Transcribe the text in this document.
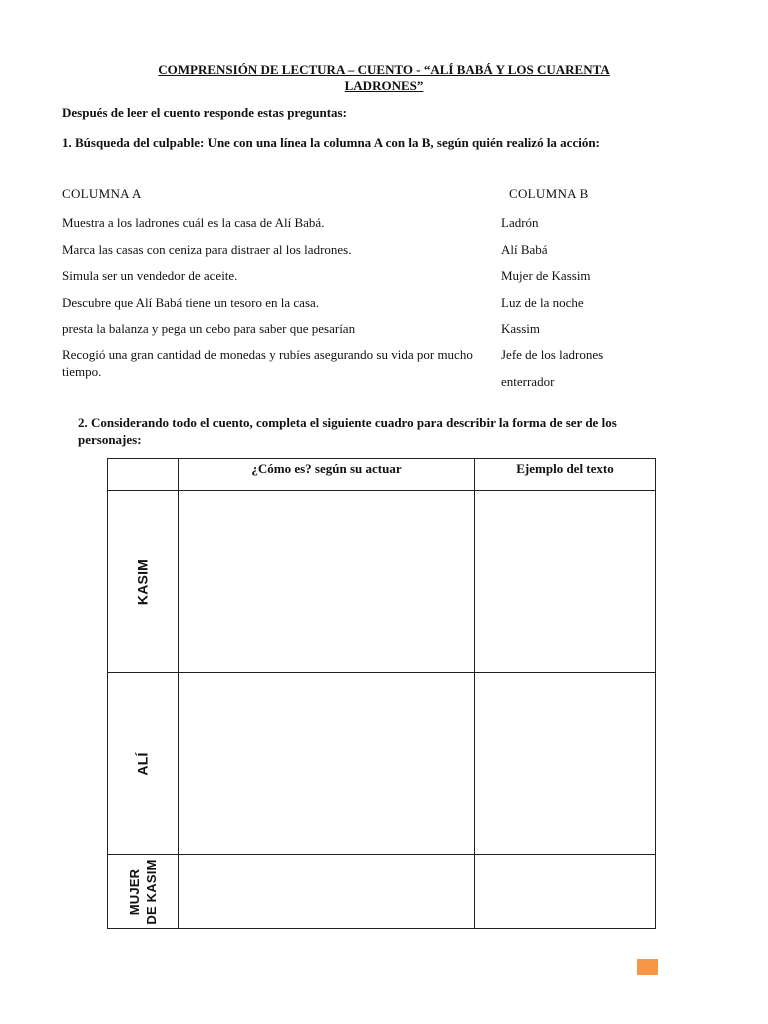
COMPRENSIÓN DE LECTURA – CUENTO - “ALÍ BABÁ Y LOS CUARENTA
LADRONES”
Después de leer el cuento responde estas preguntas:
1. Búsqueda del culpable: Une con una línea la columna A con la B, según quién realizó la acción:
COLUMNA A	COLUMNA B
Muestra a los ladrones cuál es la casa de Alí Babá.
Marca las casas con ceniza para distraer al los ladrones.
Simula ser un vendedor de aceite.
Descubre que Alí Babá tiene un tesoro en la casa.
presta la balanza y pega un cebo para saber que pesarían
Recogió una gran cantidad de monedas y rubíes asegurando su vida por mucho tiempo.
Ladrón
Alí Babá
Mujer de Kassim
Luz de la noche
Kassim
Jefe de los ladrones
enterrador
2. Considerando todo el cuento, completa el siguiente cuadro para describir la forma de ser de los personajes:
	¿Cómo es? según su actuar	Ejemplo del texto

KASIM		

ALÍ		

MUJER DE KASIM		
